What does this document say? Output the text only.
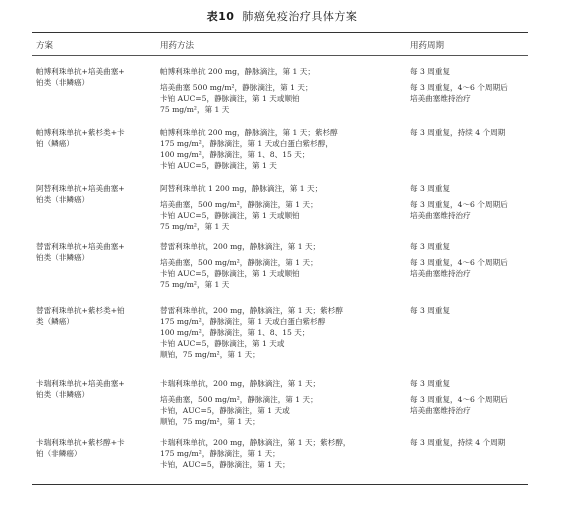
表10 肺癌免疫治疗具体方案
方案	用药方法	用药周期
帕博利珠单抗+培美曲塞+
铂类（非鳞癌）
帕博利珠单抗 200 mg，静脉滴注，第 1 天；
培美曲塞 500 mg/m²，静脉滴注，第 1 天；
卡铂 AUC=5，静脉滴注，第 1 天或顺铂
75 mg/m²，第 1 天
每 3 周重复
每 3 周重复，4～6 个周期后
培美曲塞维持治疗
帕博利珠单抗+紫杉类+卡
铂（鳞癌）
帕博利珠单抗 200 mg，静脉滴注，第 1 天；紫杉醇
175 mg/m²，静脉滴注，第 1 天或白蛋白紫杉醇，
100 mg/m²，静脉滴注，第 1、8、15 天；
卡铂 AUC=5，静脉滴注，第 1 天
每 3 周重复，持续 4 个周期
阿替利珠单抗+培美曲塞+
铂类（非鳞癌）
阿替利珠单抗 1 200 mg，静脉滴注，第 1 天；
培美曲塞，500 mg/m²，静脉滴注，第 1 天；
卡铂 AUC=5，静脉滴注，第 1 天或顺铂
75 mg/m²，第 1 天
每 3 周重复
每 3 周重复，4～6 个周期后
培美曲塞维持治疗
替雷利珠单抗+培美曲塞+
铂类（非鳞癌）
替雷利珠单抗，200 mg，静脉滴注，第 1 天；
培美曲塞，500 mg/m²，静脉滴注，第 1 天；
卡铂 AUC=5，静脉滴注，第 1 天或顺铂
75 mg/m²，第 1 天
每 3 周重复
每 3 周重复，4～6 个周期后
培美曲塞维持治疗
替雷利珠单抗+紫杉类+铂
类（鳞癌）
替雷利珠单抗，200 mg，静脉滴注，第 1 天；紫杉醇
175 mg/m²，静脉滴注，第 1 天或白蛋白紫杉醇
100 mg/m²，静脉滴注，第 1、8、15 天；
卡铂 AUC=5，静脉滴注，第 1 天或
顺铂，75 mg/m²，第 1 天；
每 3 周重复
卡瑞利珠单抗+培美曲塞+
铂类（非鳞癌）
卡瑞利珠单抗，200 mg，静脉滴注，第 1 天；
培美曲塞，500 mg/m²，静脉滴注，第 1 天；
卡铂，AUC=5，静脉滴注，第 1 天或
顺铂，75 mg/m²，第 1 天；
每 3 周重复
每 3 周重复，4～6 个周期后
培美曲塞维持治疗
卡瑞利珠单抗+紫杉醇+卡
铂（非鳞癌）
卡瑞利珠单抗，200 mg，静脉滴注，第 1 天；紫杉醇，
175 mg/m²，静脉滴注，第 1 天；
卡铂，AUC=5，静脉滴注，第 1 天；
每 3 周重复，持续 4 个周期
